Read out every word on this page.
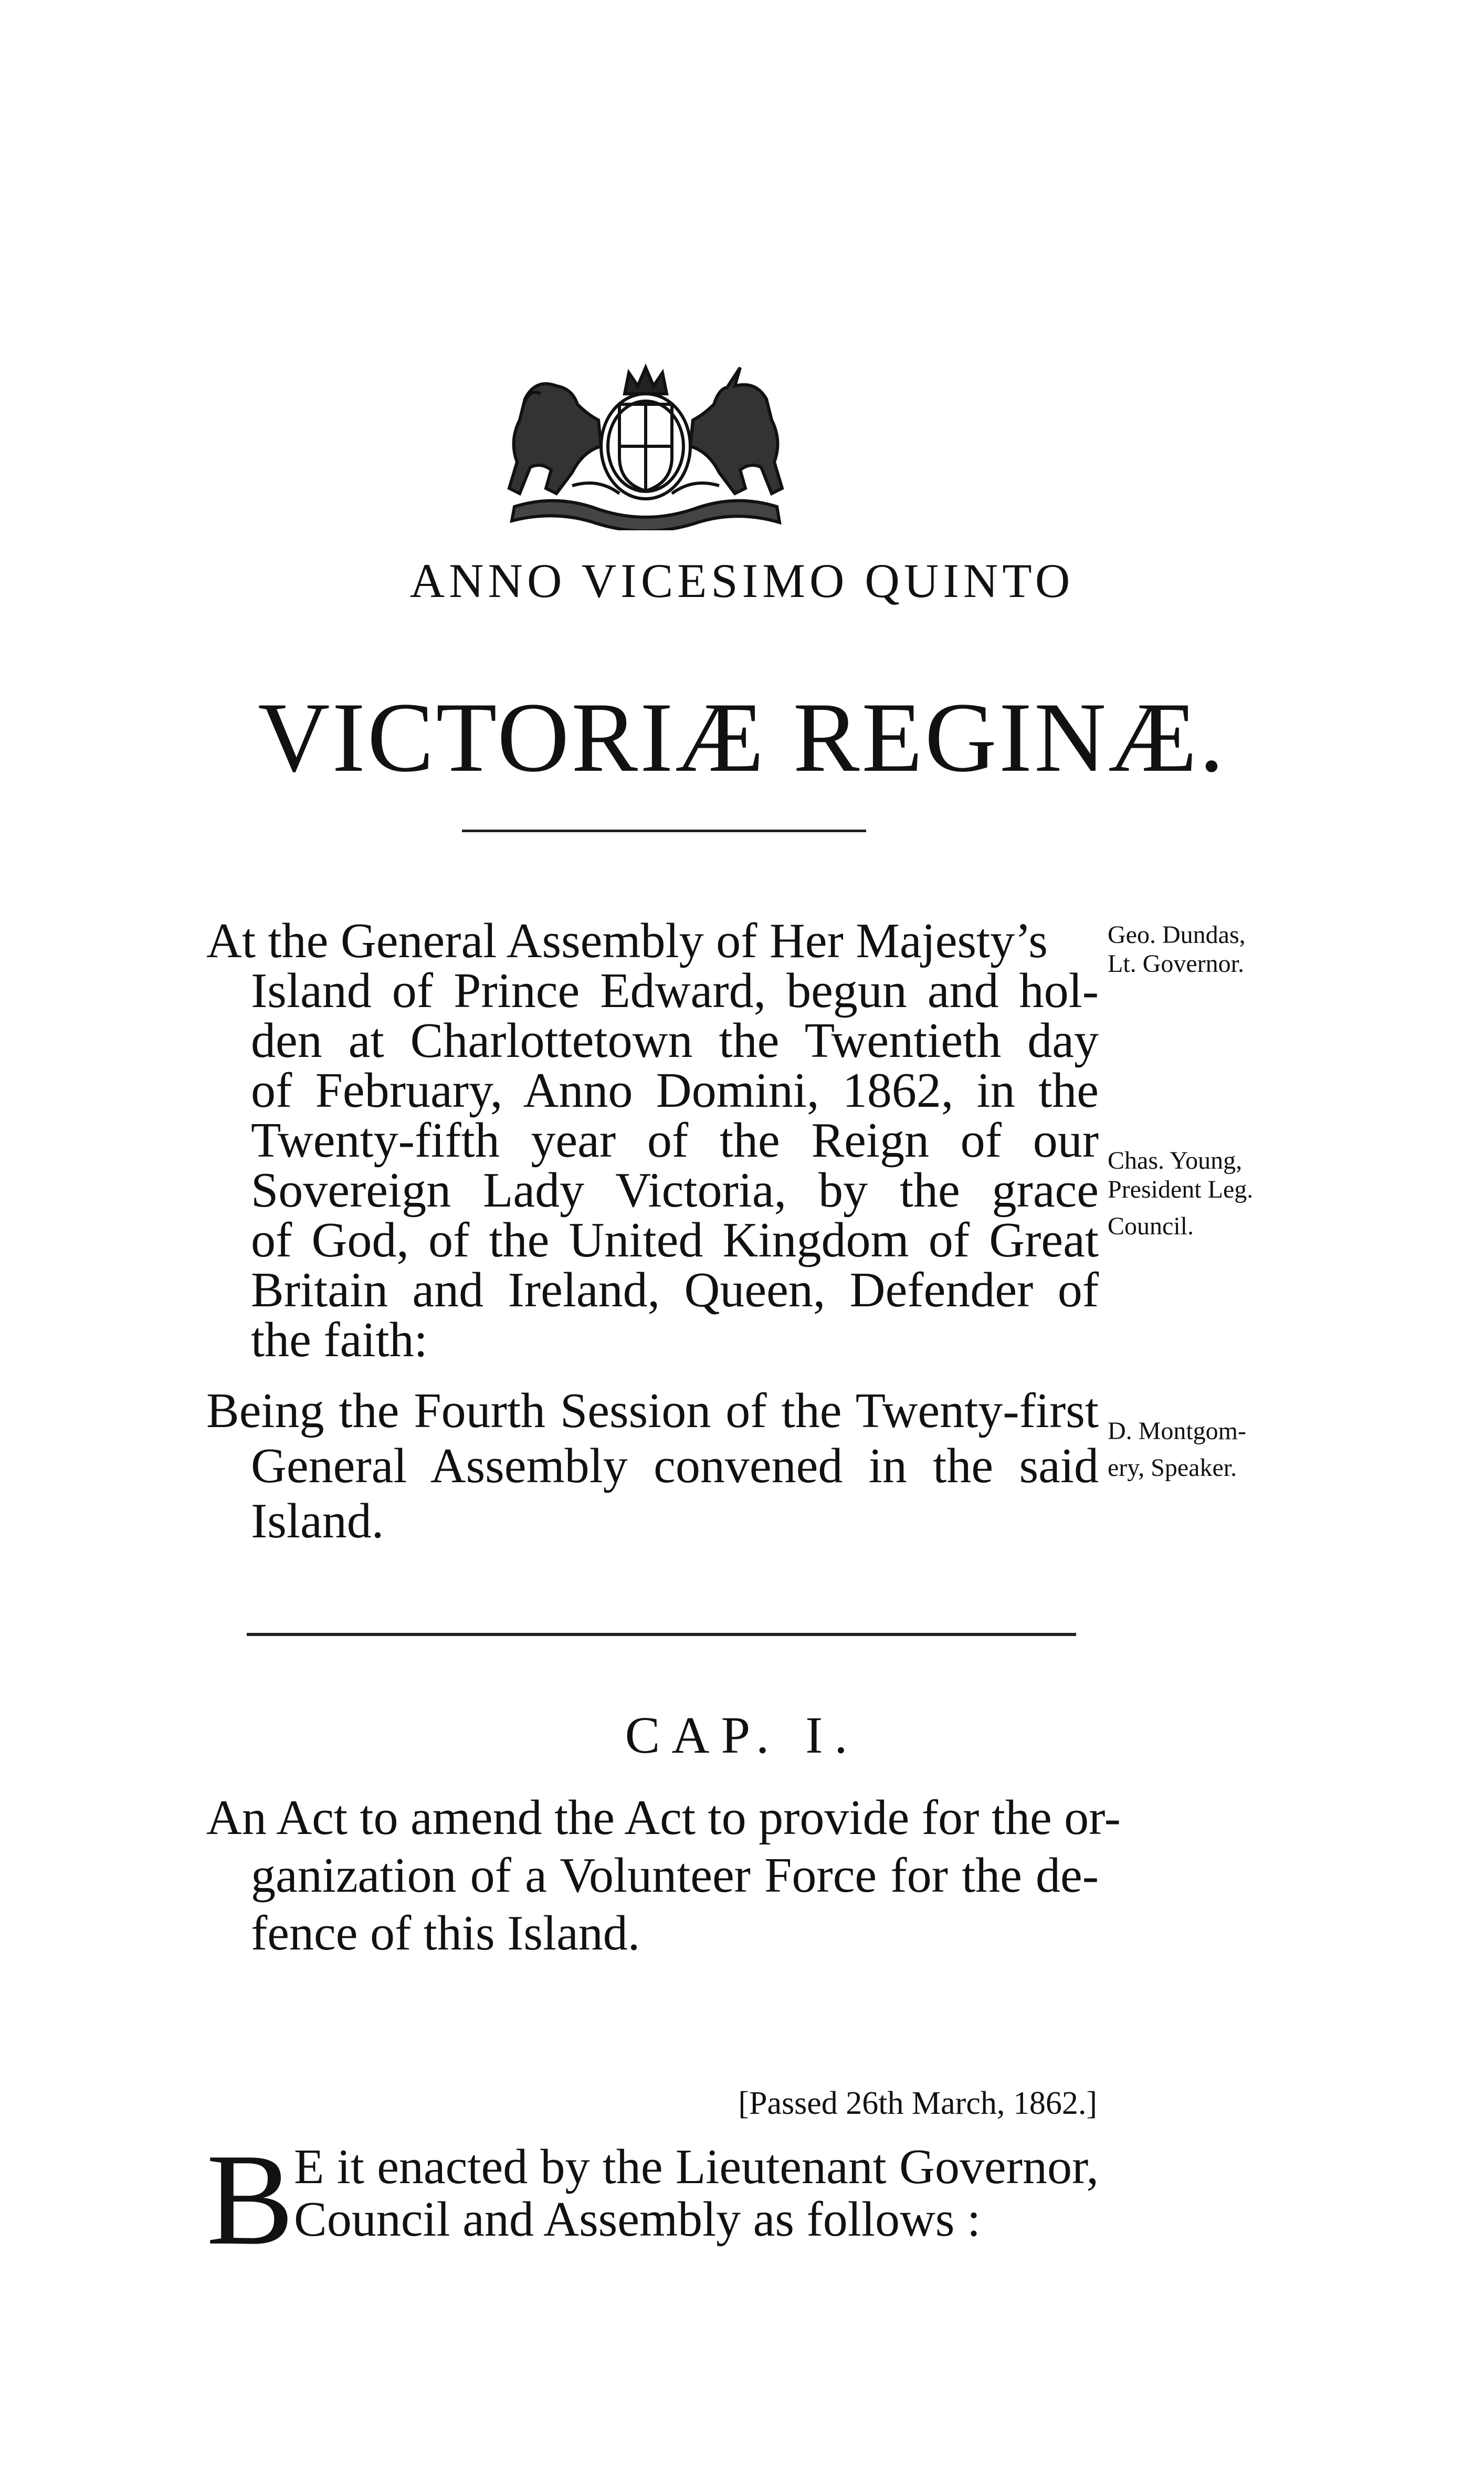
ANNO VICESIMO QUINTO
VICTORIÆ REGINÆ.
At the General Assembly of Her Majesty’s
Island of Prince Edward, begun and hol-
den at Charlottetown the Twentieth day
of February, Anno Domini, 1862, in the
Twenty-fifth year of the Reign of our
Sovereign Lady Victoria, by the grace
of God, of the United Kingdom of Great
Britain and Ireland, Queen, Defender of
the faith:
Being the Fourth Session of the Twenty-first
General Assembly convened in the said
Island.
Geo. Dundas,
Lt. Governor.
Chas. Young,
President Leg.
Council.
D. Montgom-
ery, Speaker.
CAP. I.
An Act to amend the Act to provide for the or-
ganization of a Volunteer Force for the de-
fence of this Island.
[Passed 26th March, 1862.]
B E it enacted by the Lieutenant Governor,
Council and Assembly as follows :
